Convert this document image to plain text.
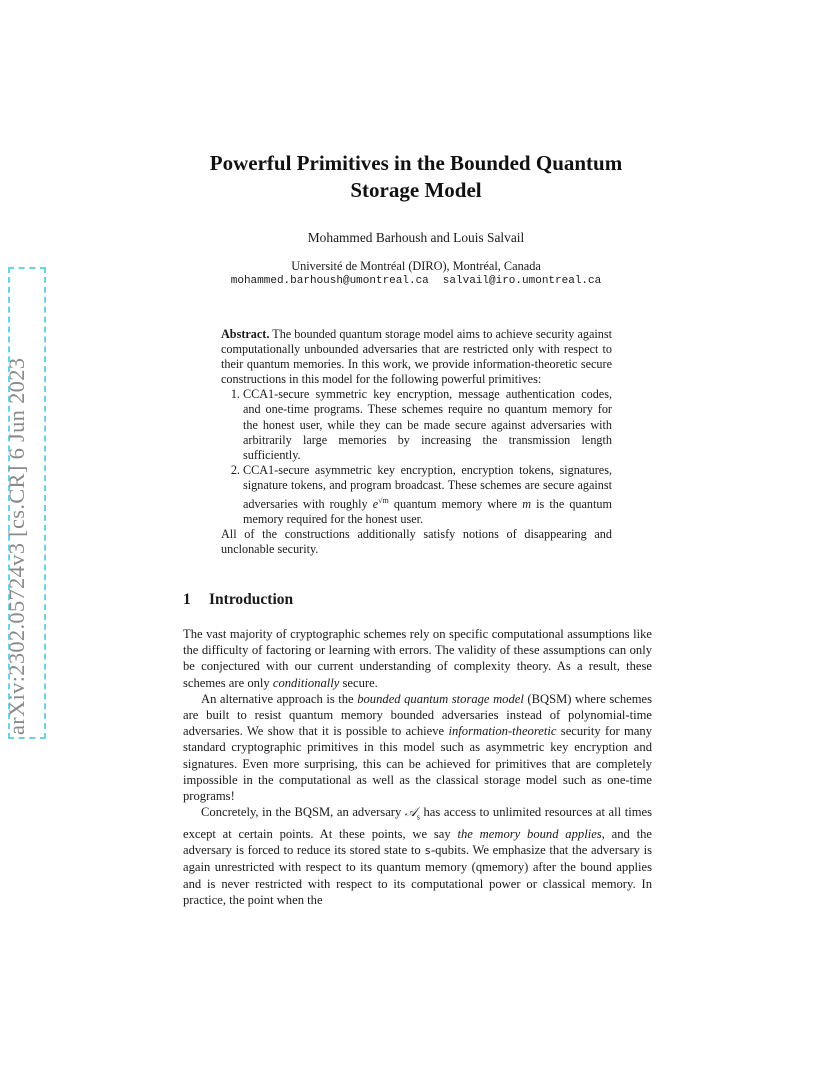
arXiv:2302.05724v3 [cs.CR] 6 Jun 2023
Powerful Primitives in the Bounded Quantum
Storage Model
Mohammed Barhoush and Louis Salvail
Université de Montréal (DIRO), Montréal, Canada
mohammed.barhoush@umontreal.ca salvail@iro.umontreal.ca
Abstract. The bounded quantum storage model aims to achieve security against computationally unbounded adversaries that are restricted only with respect to their quantum memories. In this work, we provide information-theoretic secure constructions in this model for the following powerful primitives:
1. CCA1-secure symmetric key encryption, message authentication codes, and one-time programs. These schemes require no quantum memory for the honest user, while they can be made secure against adversaries with arbitrarily large memories by increasing the transmission length sufficiently.
2. CCA1-secure asymmetric key encryption, encryption tokens, signatures, signature tokens, and program broadcast. These schemes are secure against adversaries with roughly $e^{√m}$ quantum memory where m is the quantum memory required for the honest user.
All of the constructions additionally satisfy notions of disappearing and unclonable security.
1 Introduction

The vast majority of cryptographic schemes rely on specific computational assumptions like the difficulty of factoring or learning with errors. The validity of these assumptions can only be conjectured with our current understanding of complexity theory. As a result, these schemes are only conditionally secure.

An alternative approach is the bounded quantum storage model (BQSM) where schemes are built to resist quantum memory bounded adversaries instead of polynomial-time adversaries. We show that it is possible to achieve information-theoretic security for many standard cryptographic primitives in this model such as asymmetric key encryption and signatures. Even more surprising, this can be achieved for primitives that are completely impossible in the computational as well as the classical storage model such as one-time programs!

Concretely, in the BQSM, an adversary 𝒜$_s$ has access to unlimited resources at all times except at certain points. At these points, we say the memory bound applies, and the adversary is forced to reduce its stored state to s-qubits. We emphasize that the adversary is again unrestricted with respect to its quantum memory (qmemory) after the bound applies and is never restricted with respect to its computational power or classical memory. In practice, the point when the
